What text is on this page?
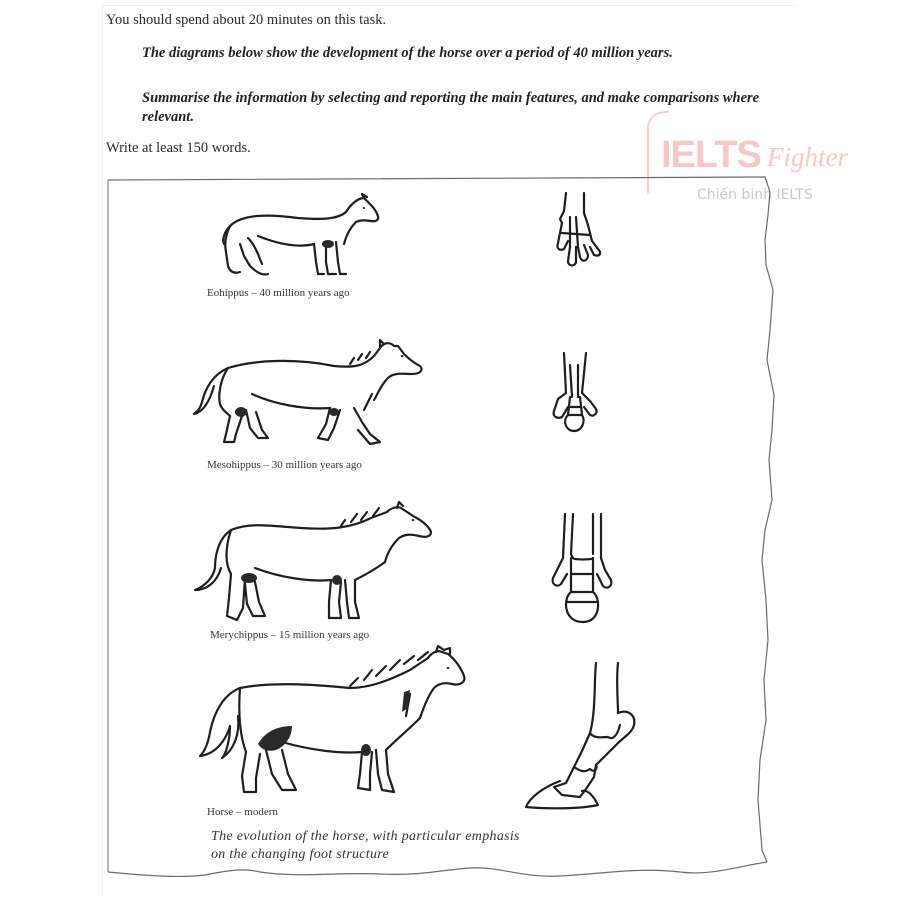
You should spend about 20 minutes on this task.
The diagrams below show the development of the horse over a period of 40 million years.
Summarise the information by selecting and reporting the main features, and make comparisons where relevant.
Write at least 150 words.	IELTS Fighter
Chiến binh IELTS
Eohippus – 40 million years ago
Mesohippus – 30 million years ago
Merychippus – 15 million years ago
Horse – modern
The evolution of the horse, with particular emphasis
on the changing foot structure
